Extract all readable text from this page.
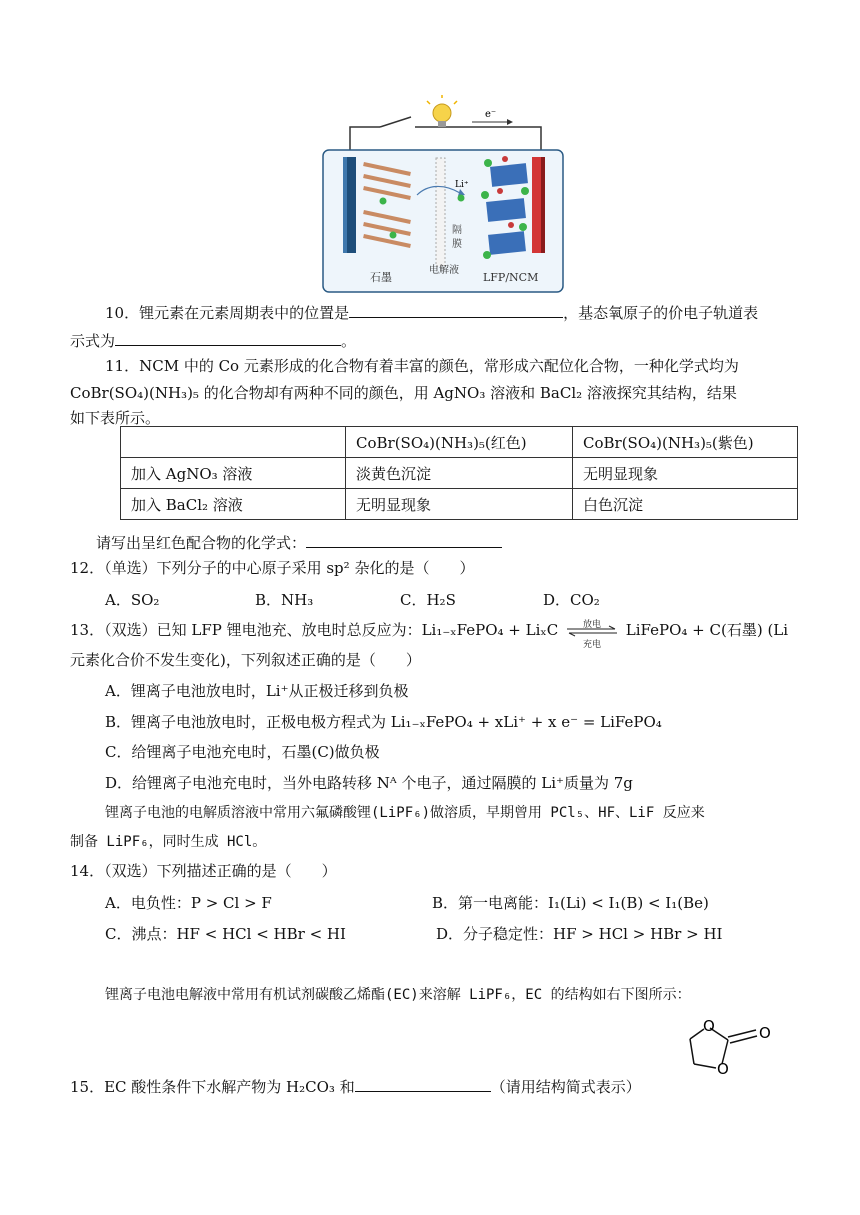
e⁻
Li⁺
隔
膜
石墨
电解液
LFP/NCM
10．锂元素在元素周期表中的位置是	，基态氧原子的价电子轨道表
示式为	。
11．NCM 中的 Co 元素形成的化合物有着丰富的颜色，常形成六配位化合物，一种化学式均为
CoBr(SO₄)(NH₃)₅ 的化合物却有两种不同的颜色，用 AgNO₃ 溶液和 BaCl₂ 溶液探究其结构，结果
如下表所示。
	CoBr(SO₄)(NH₃)₅(红色)	CoBr(SO₄)(NH₃)₅(紫色)
加入 AgNO₃ 溶液	淡黄色沉淀	无明显现象
加入 BaCl₂ 溶液	无明显现象	白色沉淀
请写出呈红色配合物的化学式：
12．（单选）下列分子的中心原子采用 sp² 杂化的是（　　）
A．SO₂	B．NH₃	C．H₂S	D．CO₂
13．（双选）已知 LFP 锂电池充、放电时总反应为：Li₁₋ₓFePO₄ + LiₓC	放电
充电
LiFePO₄ + C(石墨) (Li
元素化合价不发生变化)，下列叙述正确的是（　　）
A．锂离子电池放电时，Li⁺从正极迁移到负极
B．锂离子电池放电时，正极电极方程式为 Li₁₋ₓFePO₄ + xLi⁺ + x e⁻ = LiFePO₄
C．给锂离子电池充电时，石墨(C)做负极
D．给锂离子电池充电时，当外电路转移 Nᴬ 个电子，通过隔膜的 Li⁺质量为 7g
锂离子电池的电解质溶液中常用六氟磷酸锂(LiPF₆)做溶质，早期曾用 PCl₅、HF、LiF 反应来
制备 LiPF₆，同时生成 HCl。
14．（双选）下列描述正确的是（　　）
A．电负性：P > Cl > F	B．第一电离能：I₁(Li) < I₁(B) < I₁(Be)
C．沸点：HF < HCl < HBr < HI	D．分子稳定性：HF > HCl > HBr > HI
锂离子电池电解液中常用有机试剂碳酸乙烯酯(EC)来溶解 LiPF₆，EC 的结构如右下图所示：
O	O
O
15．EC 酸性条件下水解产物为 H₂CO₃ 和	（请用结构简式表示）
